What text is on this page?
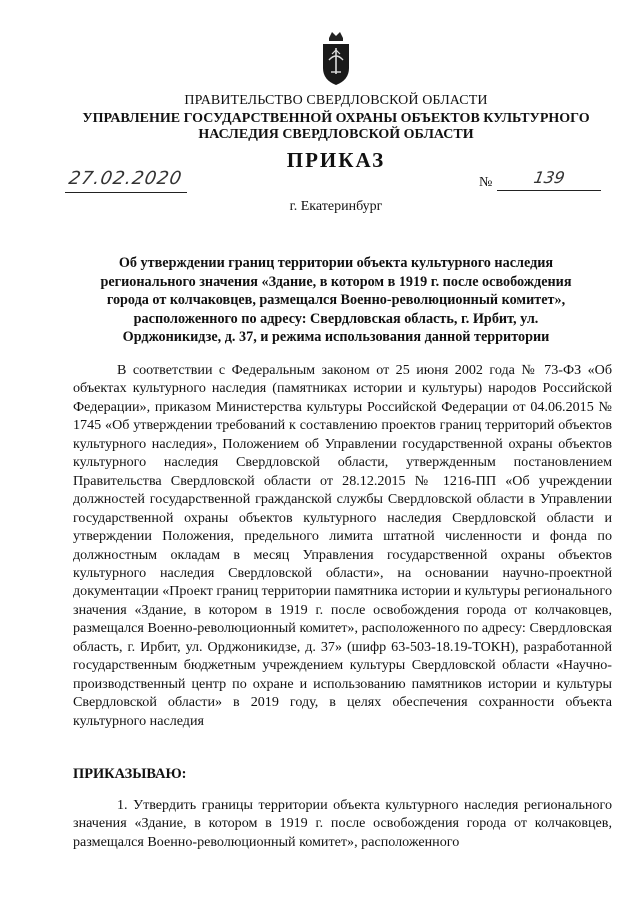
ПРАВИТЕЛЬСТВО СВЕРДЛОВСКОЙ ОБЛАСТИ
УПРАВЛЕНИЕ ГОСУДАРСТВЕННОЙ ОХРАНЫ ОБЪЕКТОВ КУЛЬТУРНОГО НАСЛЕДИЯ СВЕРДЛОВСКОЙ ОБЛАСТИ
ПРИКАЗ
27.02.2020	№	139
г. Екатеринбург
Об утверждении границ территории объекта культурного наследия регионального значения «Здание, в котором в 1919 г. после освобождения города от колчаковцев, размещался Военно-революционный комитет», расположенного по адресу: Свердловская область, г. Ирбит, ул. Орджоникидзе, д. 37, и режима использования данной территории

В соответствии с Федеральным законом от 25 июня 2002 года № 73-ФЗ «Об объектах культурного наследия (памятниках истории и культуры) народов Российской Федерации», приказом Министерства культуры Российской Федерации от 04.06.2015 № 1745 «Об утверждении требований к составлению проектов границ территорий объектов культурного наследия», Положением об Управлении государственной охраны объектов культурного наследия Свердловской области, утвержденным постановлением Правительства Свердловской области от 28.12.2015 № 1216-ПП «Об учреждении должностей государственной гражданской службы Свердловской области в Управлении государственной охраны объектов культурного наследия Свердловской области и утверждении Положения, предельного лимита штатной численности и фонда по должностным окладам в месяц Управления государственной охраны объектов культурного наследия Свердловской области», на основании научно-проектной документации «Проект границ территории памятника истории и культуры регионального значения «Здание, в котором в 1919 г. после освобождения города от колчаковцев, размещался Военно-революционный комитет», расположенного по адресу: Свердловская область, г. Ирбит, ул. Орджоникидзе, д. 37» (шифр 63-503-18.19-ТОКН), разработанной государственным бюджетным учреждением культуры Свердловской области «Научно-производственный центр по охране и использованию памятников истории и культуры Свердловской области» в 2019 году, в целях обеспечения сохранности объекта культурного наследия

ПРИКАЗЫВАЮ:

1. Утвердить границы территории объекта культурного наследия регионального значения «Здание, в котором в 1919 г. после освобождения города от колчаковцев, размещался Военно-революционный комитет», расположенного
